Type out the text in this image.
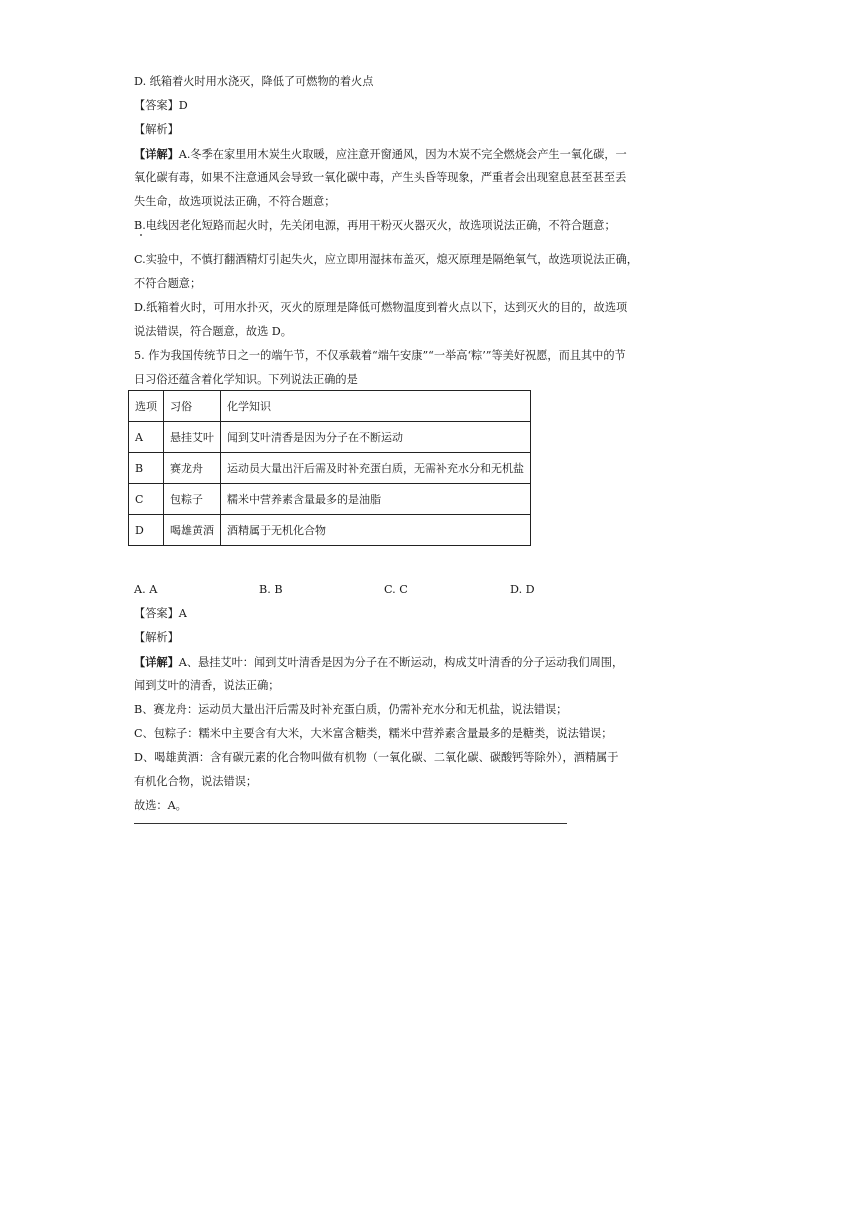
D. 纸箱着火时用水浇灭，降低了可燃物的着火点
【答案】D
【解析】
【详解】A.冬季在家里用木炭生火取暖，应注意开窗通风，因为木炭不完全燃烧会产生一氧化碳，一
氧化碳有毒，如果不注意通风会导致一氧化碳中毒，产生头昏等现象，严重者会出现窒息甚至甚至丢
失生命，故选项说法正确，不符合题意；
B.电线因老化短路而起火时，先关闭电源，再用干粉灭火器灭火，故选项说法正确，不符合题意；
C.实验中，不慎打翻酒精灯引起失火，应立即用湿抹布盖灭，熄灭原理是隔绝氧气，故选项说法正确，
不符合题意；
D.纸箱着火时，可用水扑灭，灭火的原理是降低可燃物温度到着火点以下，达到灭火的目的，故选项
说法错误，符合题意，故选 D。
5. 作为我国传统节日之一的端午节，不仅承载着“端午安康”“一举高‘粽’”等美好祝愿，而且其中的节
日习俗还蕴含着化学知识。下列说法正确的是
选项	习俗	化学知识
A	悬挂艾叶	闻到艾叶清香是因为分子在不断运动
B	赛龙舟	运动员大量出汗后需及时补充蛋白质，无需补充水分和无机盐
C	包粽子	糯米中营养素含量最多的是油脂
D	喝雄黄酒	酒精属于无机化合物
A. A	B. B	C. C	D. D
【答案】A
【解析】
【详解】A、悬挂艾叶：闻到艾叶清香是因为分子在不断运动，构成艾叶清香的分子运动我们周围，
闻到艾叶的清香，说法正确；
B、赛龙舟：运动员大量出汗后需及时补充蛋白质，仍需补充水分和无机盐，说法错误；
C、包粽子：糯米中主要含有大米，大米富含糖类，糯米中营养素含量最多的是糖类，说法错误；
D、喝雄黄酒：含有碳元素的化合物叫做有机物（一氧化碳、二氧化碳、碳酸钙等除外），酒精属于
有机化合物，说法错误；
故选：A。
